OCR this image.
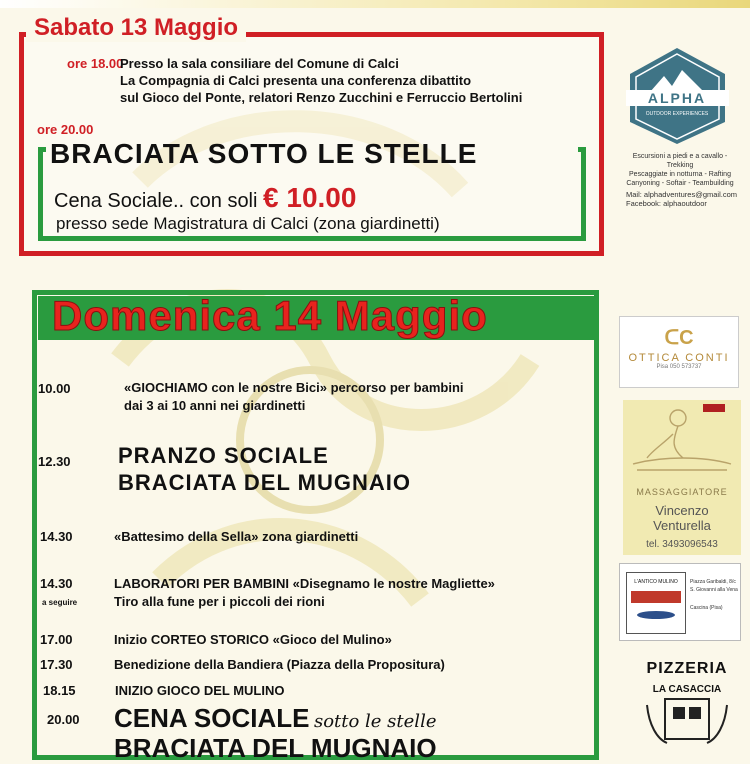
Sabato 13 Maggio
ore 18.00
Presso la sala consiliare del Comune di Calci
La Compagnia di Calci presenta una conferenza dibattito
sul Gioco del Ponte, relatori Renzo Zucchini e Ferruccio Bertolini
ore 20.00
BRACIATA SOTTO LE STELLE
Cena Sociale.. con soli € 10.00
presso sede Magistratura di Calci (zona giardinetti)
Domenica 14 Maggio
10.00	«GIOCHIAMO con le nostre Bici» percorso per bambini
dai 3 ai 10 anni nei giardinetti
12.30 PRANZO SOCIALE
BRACIATA DEL MUGNAIO
14.30	«Battesimo della Sella» zona giardinetti
14.30
a seguire
LABORATORI PER BAMBINI «Disegnamo le nostre Magliette»
Tiro alla fune per i piccoli dei rioni
17.00	Inizio CORTEO STORICO «Gioco del Mulino»
17.30	Benedizione della Bandiera (Piazza della Propositura)
18.15	INIZIO GIOCO DEL MULINO
20.00 CENA SOCIALE sotto le stelle
BRACIATA DEL MUGNAIO
ALPHA
OUTDOOR EXPERIENCES
Escursioni a piedi e a cavallo - Trekking
Pescaggiate in notturna - Rafting
Canyoning - Softair - Teambuilding
Mail: alphadventures@gmail.com
Facebook: alphaoutdoor
ᑕC
OTTICA CONTI
Pisa 050 573737
MASSAGGIATORE
Vincenzo
Venturella
tel. 3493096543
L'ANTICO MULINO	Piazza Garibaldi, 8/c
S. Giovanni alla Vena
Cascina (Pisa)
PIZZERIA
LA CASACCIA
